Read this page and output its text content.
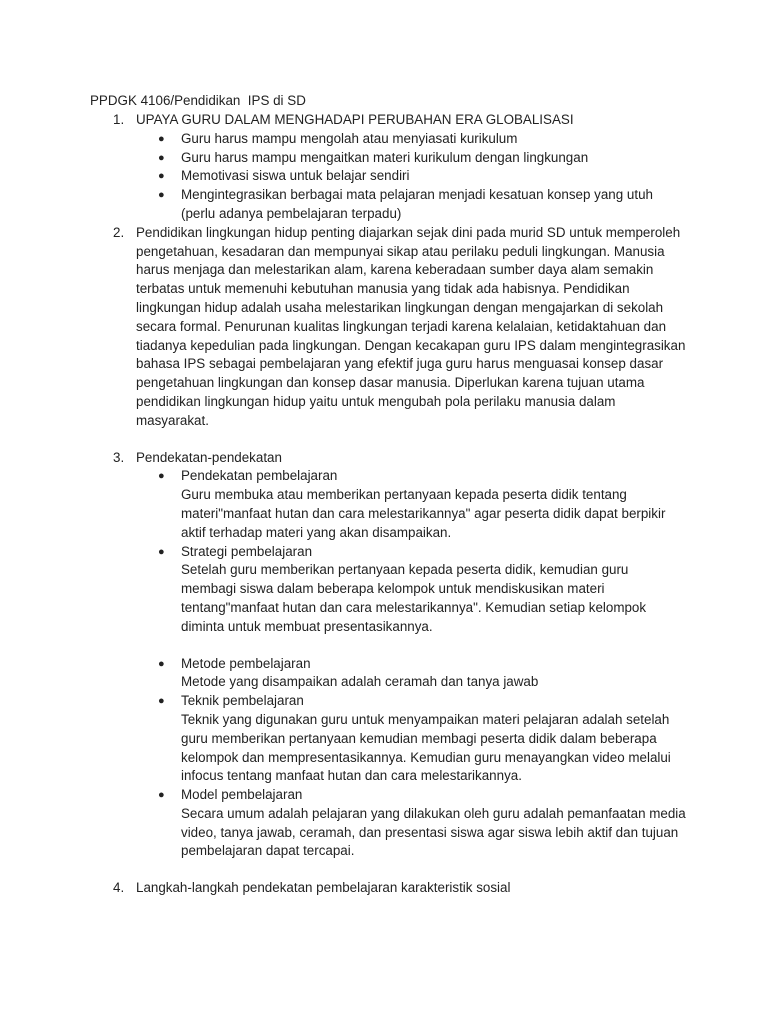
PPDGK 4106/Pendidikan  IPS di SD
1. UPAYA GURU DALAM MENGHADAPI PERUBAHAN ERA GLOBALISASI
● Guru harus mampu mengolah atau menyiasati kurikulum
● Guru harus mampu mengaitkan materi kurikulum dengan lingkungan
● Memotivasi siswa untuk belajar sendiri
● Mengintegrasikan berbagai mata pelajaran menjadi kesatuan konsep yang utuh (perlu adanya pembelajaran terpadu)
2. Pendidikan lingkungan hidup penting diajarkan sejak dini pada murid SD untuk memperoleh pengetahuan, kesadaran dan mempunyai sikap atau perilaku peduli lingkungan. Manusia harus menjaga dan melestarikan alam, karena keberadaan sumber daya alam semakin terbatas untuk memenuhi kebutuhan manusia yang tidak ada habisnya. Pendidikan lingkungan hidup adalah usaha melestarikan lingkungan dengan mengajarkan di sekolah secara formal. Penurunan kualitas lingkungan terjadi karena kelalaian, ketidaktahuan dan tiadanya kepedulian pada lingkungan. Dengan kecakapan guru IPS dalam mengintegrasikan bahasa IPS sebagai pembelajaran yang efektif juga guru harus menguasai konsep dasar pengetahuan lingkungan dan konsep dasar manusia. Diperlukan karena tujuan utama pendidikan lingkungan hidup yaitu untuk mengubah pola perilaku manusia dalam masyarakat.
3. Pendekatan-pendekatan
● Pendekatan pembelajaran
Guru membuka atau memberikan pertanyaan kepada peserta didik tentang materi"manfaat hutan dan cara melestarikannya" agar peserta didik dapat berpikir aktif terhadap materi yang akan disampaikan.
● Strategi pembelajaran
Setelah guru memberikan pertanyaan kepada peserta didik, kemudian guru membagi siswa dalam beberapa kelompok untuk mendiskusikan materi tentang"manfaat hutan dan cara melestarikannya". Kemudian setiap kelompok diminta untuk membuat presentasikannya.
● Metode pembelajaran
Metode yang disampaikan adalah ceramah dan tanya jawab
● Teknik pembelajaran
Teknik yang digunakan guru untuk menyampaikan materi pelajaran adalah setelah guru memberikan pertanyaan kemudian membagi peserta didik dalam beberapa kelompok dan mempresentasikannya. Kemudian guru menayangkan video melalui infocus tentang manfaat hutan dan cara melestarikannya.
● Model pembelajaran
Secara umum adalah pelajaran yang dilakukan oleh guru adalah pemanfaatan media video, tanya jawab, ceramah, dan presentasi siswa agar siswa lebih aktif dan tujuan pembelajaran dapat tercapai.
4. Langkah-langkah pendekatan pembelajaran karakteristik sosial
